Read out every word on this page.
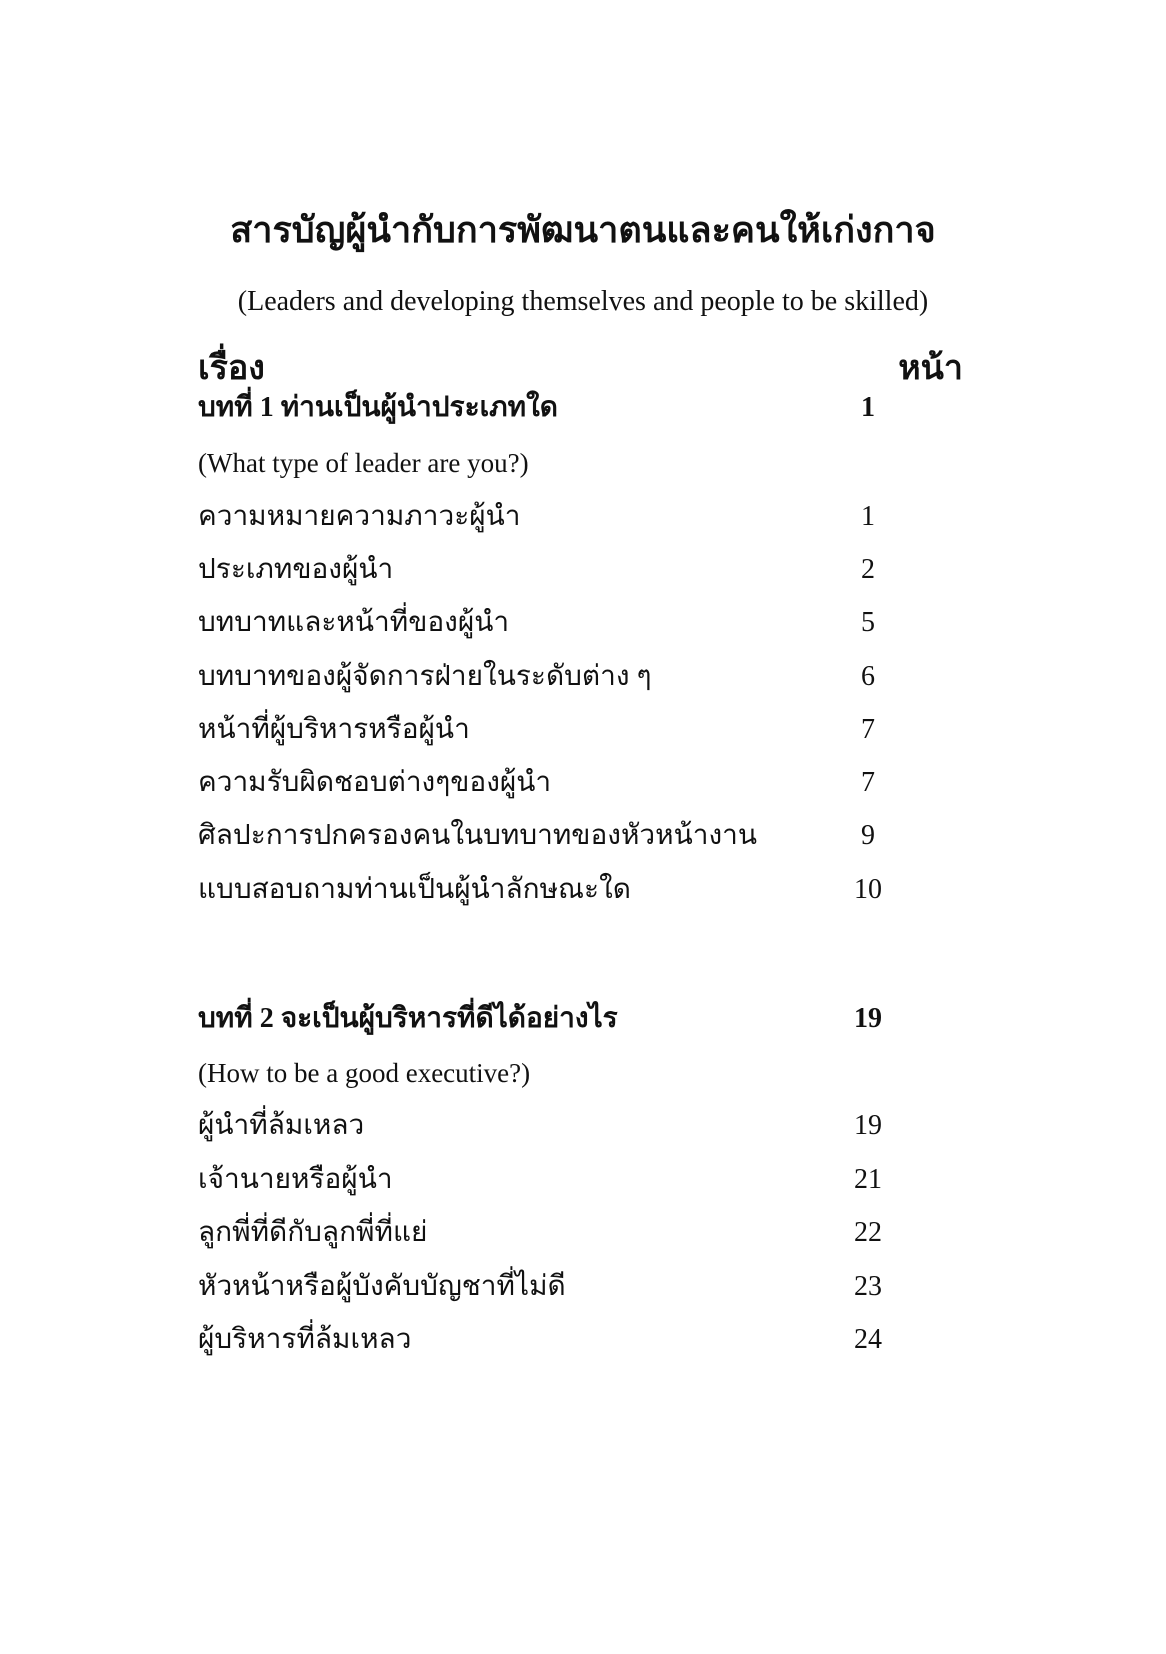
สารบัญผู้นำกับการพัฒนาตนและคนให้เก่งกาจ
(Leaders and developing themselves and people to be skilled)
เรื่อง	หน้า
บทที่ 1 ท่านเป็นผู้นำประเภทใด	1
(What type of leader are you?)
ความหมายความภาวะผู้นำ	1
ประเภทของผู้นำ	2
บทบาทและหน้าที่ของผู้นำ	5
บทบาทของผู้จัดการฝ่ายในระดับต่าง ๆ	6
หน้าที่ผู้บริหารหรือผู้นำ	7
ความรับผิดชอบต่างๆของผู้นำ	7
ศิลปะการปกครองคนในบทบาทของหัวหน้างาน	9
แบบสอบถามท่านเป็นผู้นำลักษณะใด	10
บทที่ 2 จะเป็นผู้บริหารที่ดีได้อย่างไร	19
(How to be a good executive?)
ผู้นำที่ล้มเหลว	19
เจ้านายหรือผู้นำ	21
ลูกพี่ที่ดีกับลูกพี่ที่แย่	22
หัวหน้าหรือผู้บังคับบัญชาที่ไม่ดี	23
ผู้บริหารที่ล้มเหลว	24
